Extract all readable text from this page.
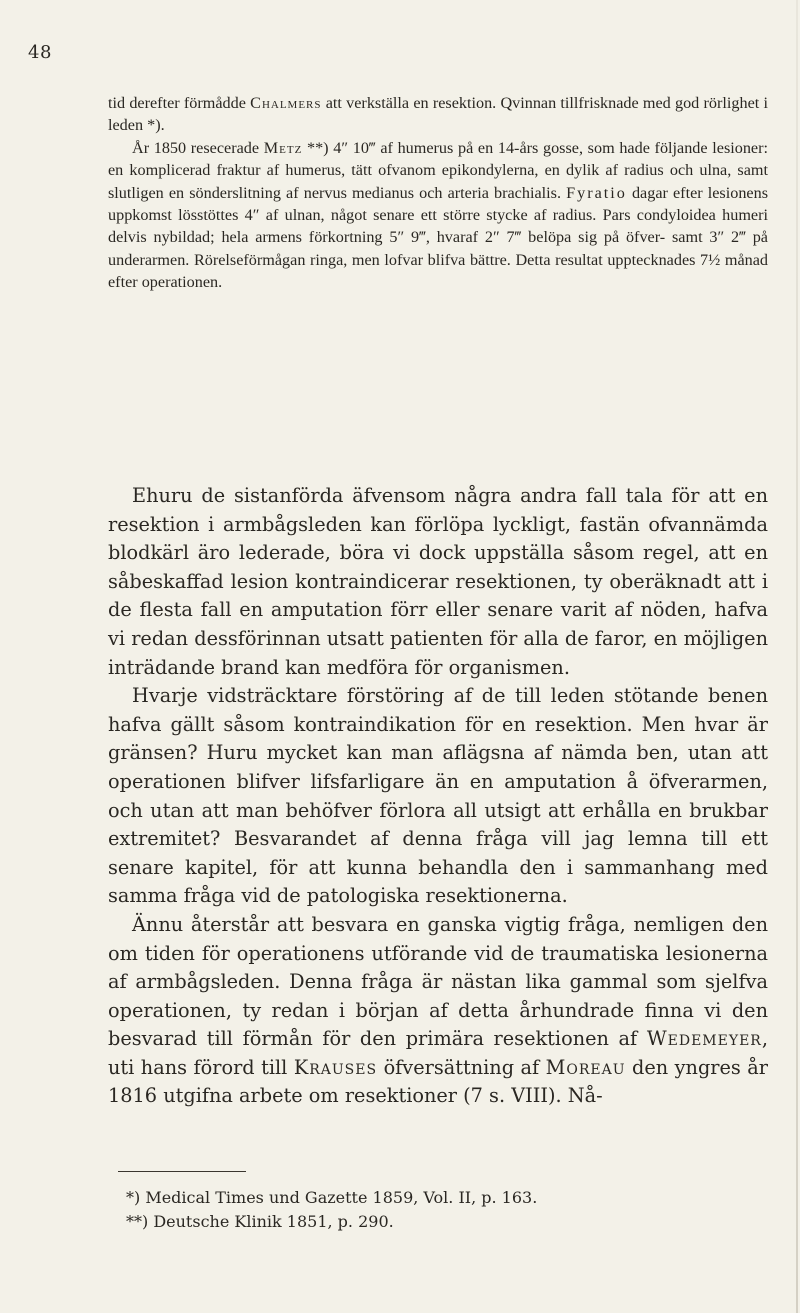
48

tid derefter förmådde Chalmers att verkställa en resektion. Qvinnan tillfrisknade med god rörlighet i leden *).

År 1850 resecerade Metz **) 4″ 10‴ af humerus på en 14-års gosse, som hade följande lesioner: en komplicerad fraktur af humerus, tätt ofvanom epikondylerna, en dylik af radius och ulna, samt slutligen en sönderslitning af nervus medianus och arteria brachialis. Fyratio dagar efter lesionens uppkomst lösstöttes 4″ af ulnan, något senare ett större stycke af radius. Pars condyloidea humeri delvis nybildad; hela armens förkortning 5″ 9‴, hvaraf 2″ 7‴ belöpa sig på öfver- samt 3″ 2‴ på underarmen. Rörelseförmågan ringa, men lofvar blifva bättre. Detta resultat upptecknades 7½ månad efter operationen.

Ehuru de sistanförda äfvensom några andra fall tala för att en resektion i armbågsleden kan förlöpa lyckligt, fastän ofvannämda blodkärl äro lederade, böra vi dock uppställa såsom regel, att en såbeskaffad lesion kontraindicerar resektionen, ty oberäknadt att i de flesta fall en amputation förr eller senare varit af nöden, hafva vi redan dessförinnan utsatt patienten för alla de faror, en möjligen inträdande brand kan medföra för organismen.

Hvarje vidsträcktare förstöring af de till leden stötande benen hafva gällt såsom kontraindikation för en resektion. Men hvar är gränsen? Huru mycket kan man aflägsna af nämda ben, utan att operationen blifver lifsfarligare än en amputation å öfverarmen, och utan att man behöfver förlora all utsigt att erhålla en brukbar extremitet? Besvarandet af denna fråga vill jag lemna till ett senare kapitel, för att kunna behandla den i sammanhang med samma fråga vid de patologiska resektionerna.

Ännu återstår att besvara en ganska vigtig fråga, nemligen den om tiden för operationens utförande vid de traumatiska lesionerna af armbågsleden. Denna fråga är nästan lika gammal som sjelfva operationen, ty redan i början af detta århundrade finna vi den besvarad till förmån för den primära resektionen af Wedemeyer, uti hans förord till Krauses öfversättning af Moreau den yngres år 1816 utgifna arbete om resektioner (7 s. VIII). Nå-

*) Medical Times und Gazette 1859, Vol. II, p. 163.
**) Deutsche Klinik 1851, p. 290.
